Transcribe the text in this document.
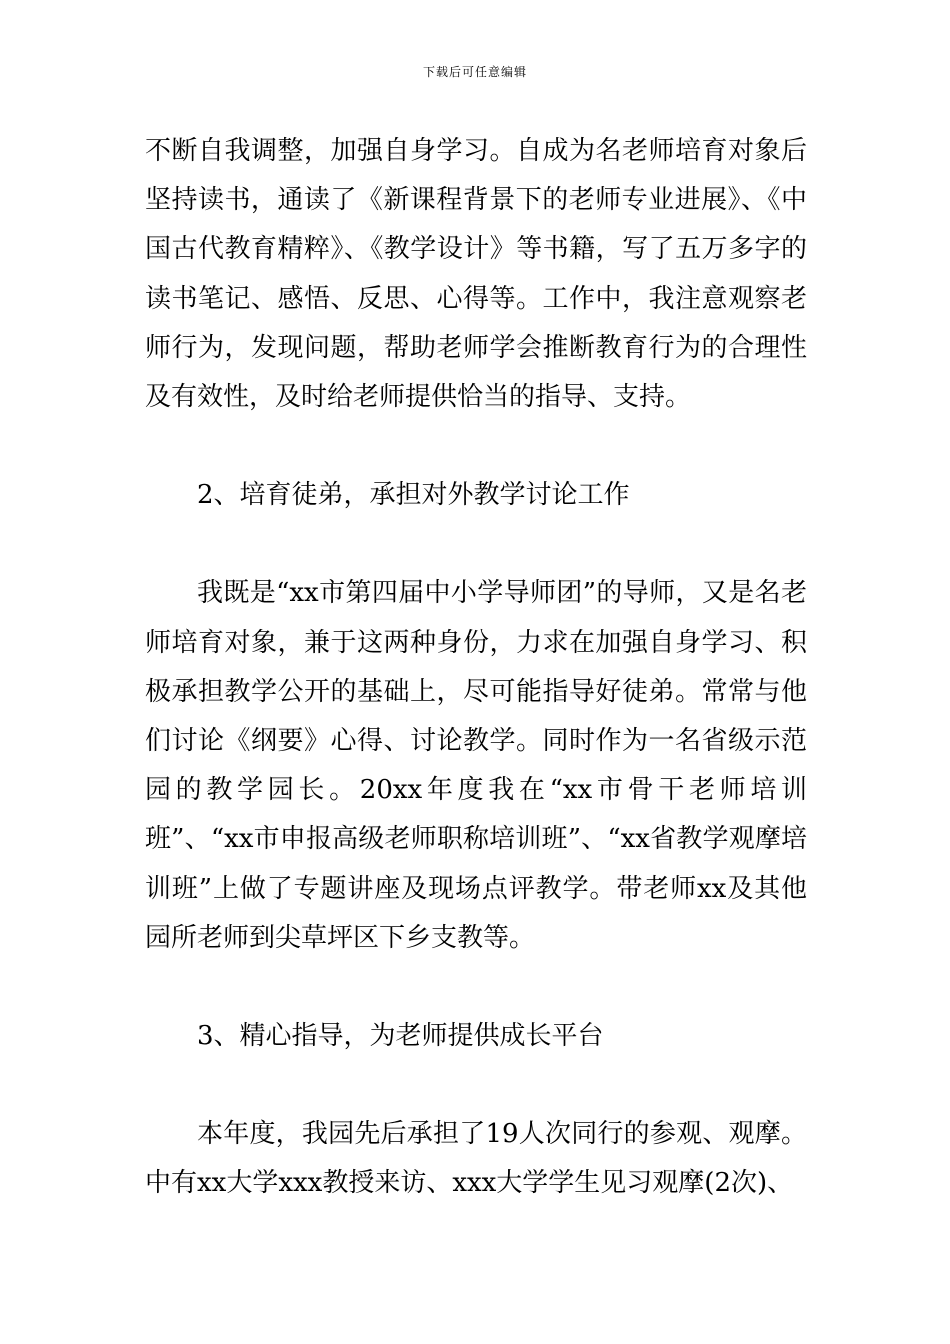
下载后可任意编辑

不断自我调整，加强自身学习。自成为名老师培育对象后坚持读书，通读了《新课程背景下的老师专业进展》、《中国古代教育精粹》、《教学设计》等书籍，写了五万多字的读书笔记、感悟、反思、心得等。工作中，我注意观察老师行为，发现问题，帮助老师学会推断教育行为的合理性及有效性，及时给老师提供恰当的指导、支持。

2、培育徒弟，承担对外教学讨论工作

我既是“xx市第四届中小学导师团”的导师，又是名老师培育对象，兼于这两种身份，力求在加强自身学习、积极承担教学公开的基础上，尽可能指导好徒弟。常常与他们讨论《纲要》心得、讨论教学。同时作为一名省级示范园的教学园长。20xx年度我在“xx市骨干老师培训班”、“xx市申报高级老师职称培训班”、“xx省教学观摩培训班”上做了专题讲座及现场点评教学。带老师xx及其他园所老师到尖草坪区下乡支教等。

3、精心指导，为老师提供成长平台

本年度，我园先后承担了19人次同行的参观、观摩。中有xx大学xxx教授来访、xxx大学学生见习观摩(2次)、
